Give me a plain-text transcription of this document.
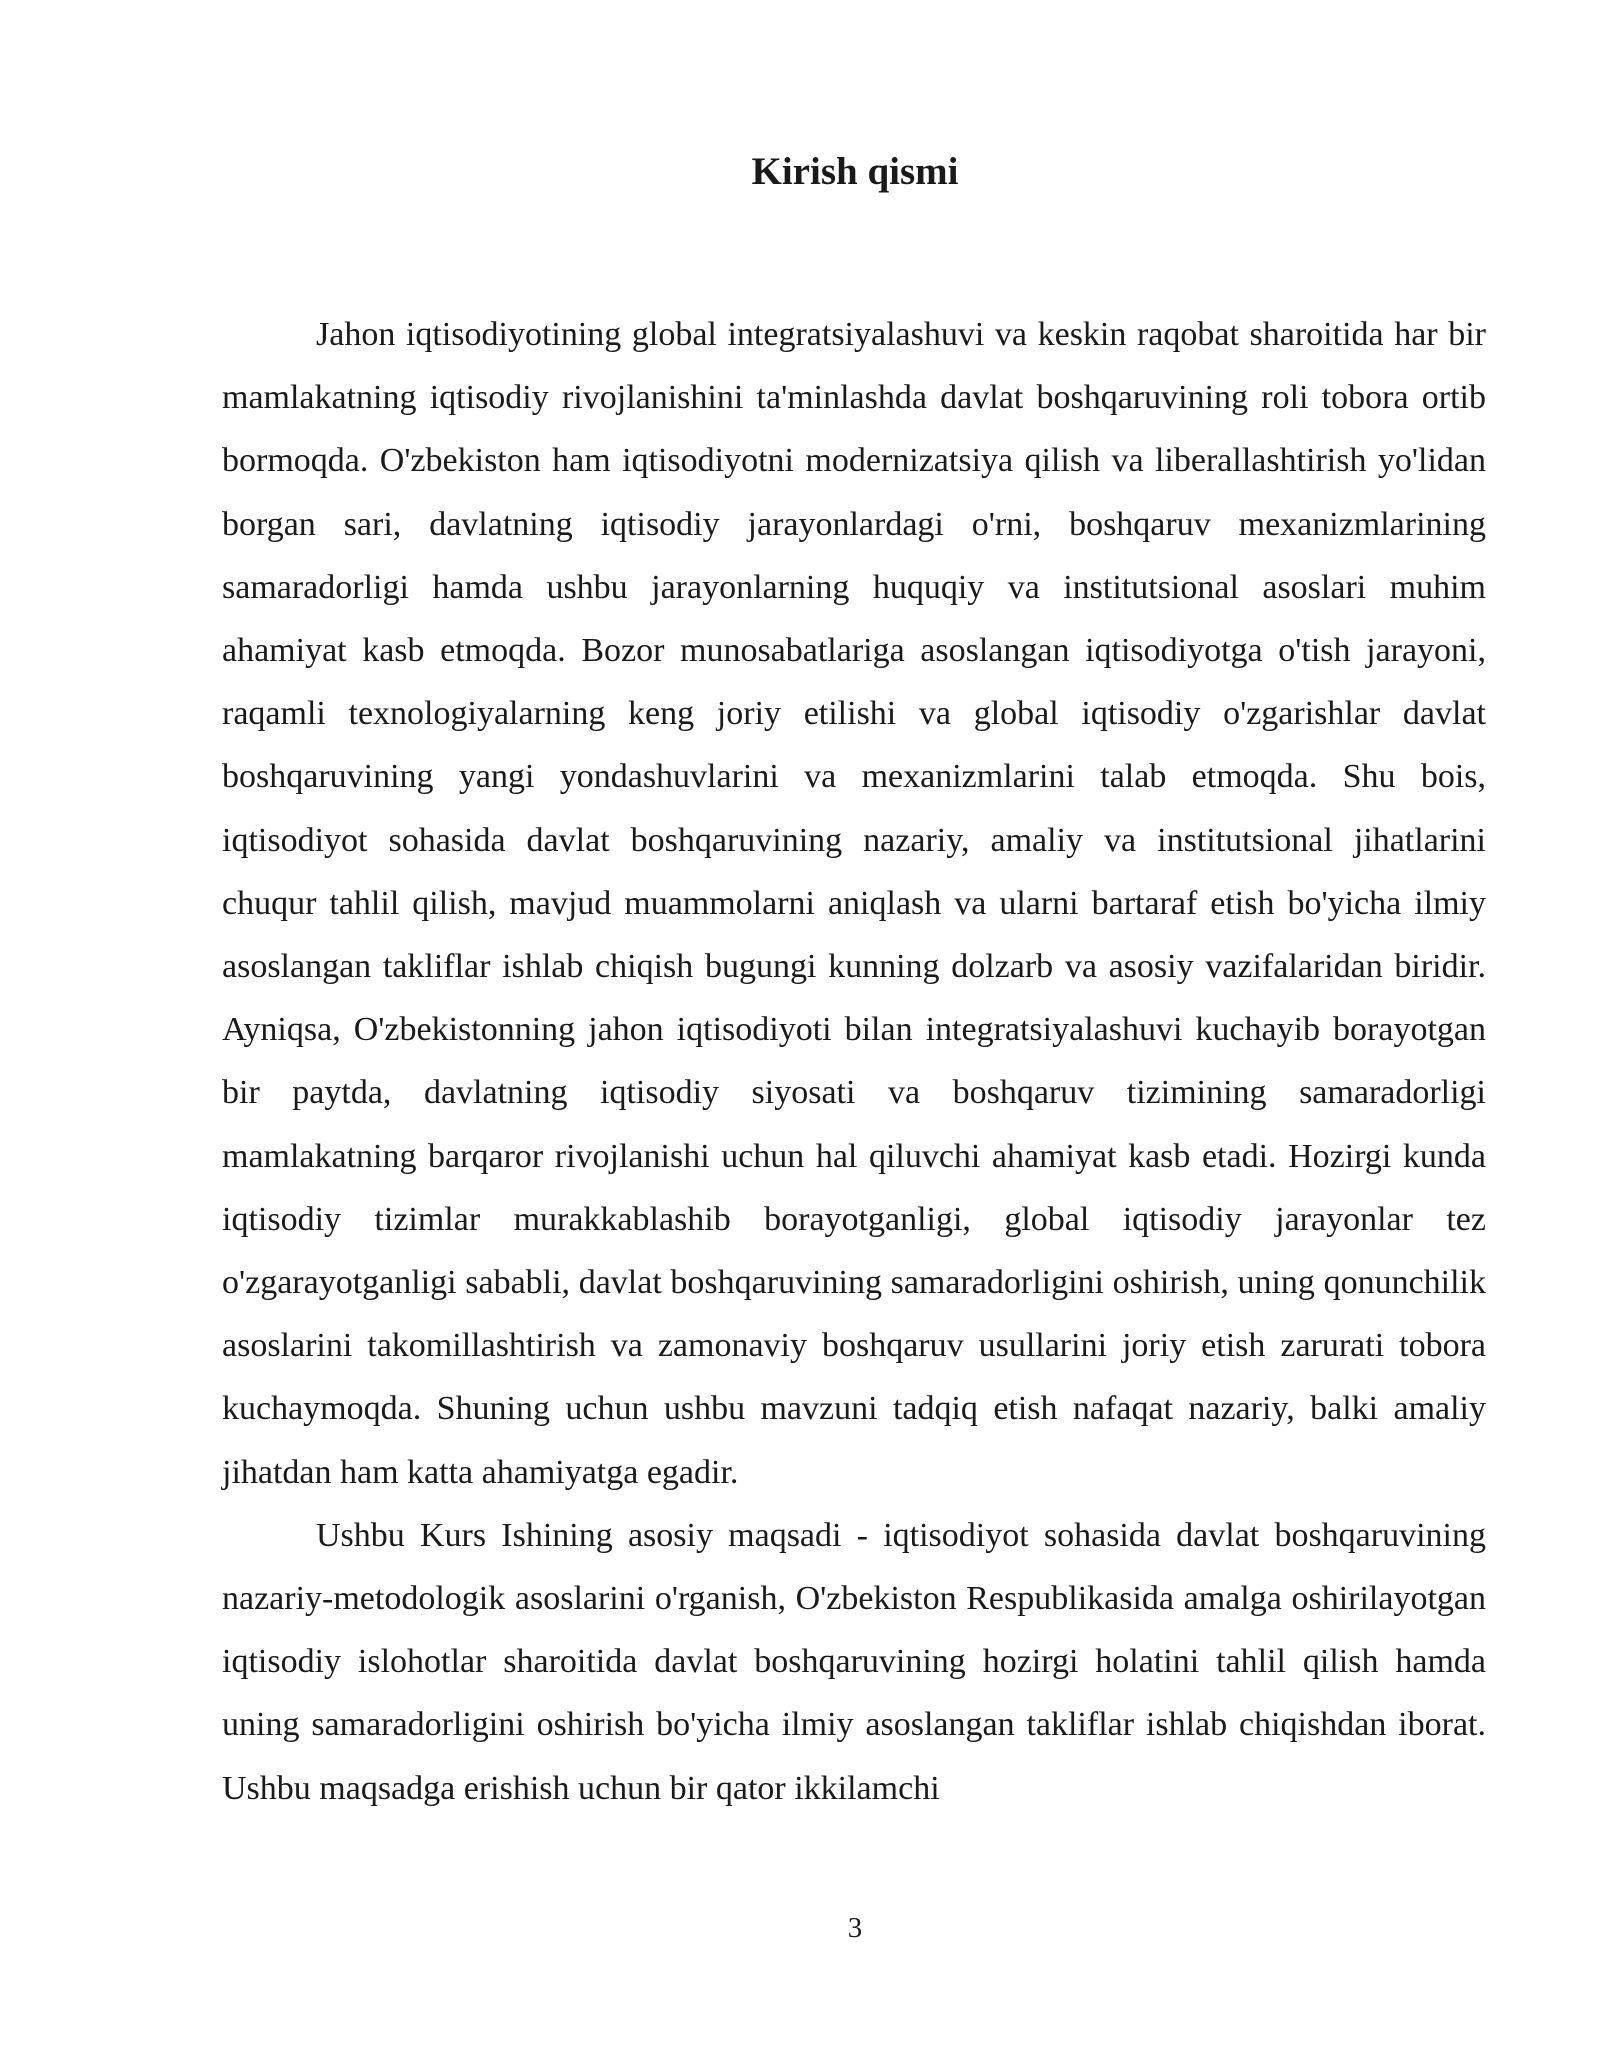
Kirish qismi

Jahon iqtisodiyotining global integratsiyalashuvi va keskin raqobat sharoitida har bir mamlakatning iqtisodiy rivojlanishini ta'minlashda davlat boshqaruvining roli tobora ortib bormoqda. O'zbekiston ham iqtisodiyotni modernizatsiya qilish va liberallashtirish yo'lidan borgan sari, davlatning iqtisodiy jarayonlardagi o'rni, boshqaruv mexanizmlarining samaradorligi hamda ushbu jarayonlarning huquqiy va institutsional asoslari muhim ahamiyat kasb etmoqda. Bozor munosabatlariga asoslangan iqtisodiyotga o'tish jarayoni, raqamli texnologiyalarning keng joriy etilishi va global iqtisodiy o'zgarishlar davlat boshqaruvining yangi yondashuvlarini va mexanizmlarini talab etmoqda. Shu bois, iqtisodiyot sohasida davlat boshqaruvining nazariy, amaliy va institutsional jihatlarini chuqur tahlil qilish, mavjud muammolarni aniqlash va ularni bartaraf etish bo'yicha ilmiy asoslangan takliflar ishlab chiqish bugungi kunning dolzarb va asosiy vazifalaridan biridir. Ayniqsa, O'zbekistonning jahon iqtisodiyoti bilan integratsiyalashuvi kuchayib borayotgan bir paytda, davlatning iqtisodiy siyosati va boshqaruv tizimining samaradorligi mamlakatning barqaror rivojlanishi uchun hal qiluvchi ahamiyat kasb etadi. Hozirgi kunda iqtisodiy tizimlar murakkablashib borayotganligi, global iqtisodiy jarayonlar tez o'zgarayotganligi sababli, davlat boshqaruvining samaradorligini oshirish, uning qonunchilik asoslarini takomillashtirish va zamonaviy boshqaruv usullarini joriy etish zarurati tobora kuchaymoqda. Shuning uchun ushbu mavzuni tadqiq etish nafaqat nazariy, balki amaliy jihatdan ham katta ahamiyatga egadir.

Ushbu Kurs Ishining asosiy maqsadi - iqtisodiyot sohasida davlat boshqaruvining nazariy-metodologik asoslarini o'rganish, O'zbekiston Respublikasida amalga oshirilayotgan iqtisodiy islohotlar sharoitida davlat boshqaruvining hozirgi holatini tahlil qilish hamda uning samaradorligini oshirish bo'yicha ilmiy asoslangan takliflar ishlab chiqishdan iborat. Ushbu maqsadga erishish uchun bir qator ikkilamchi

3
